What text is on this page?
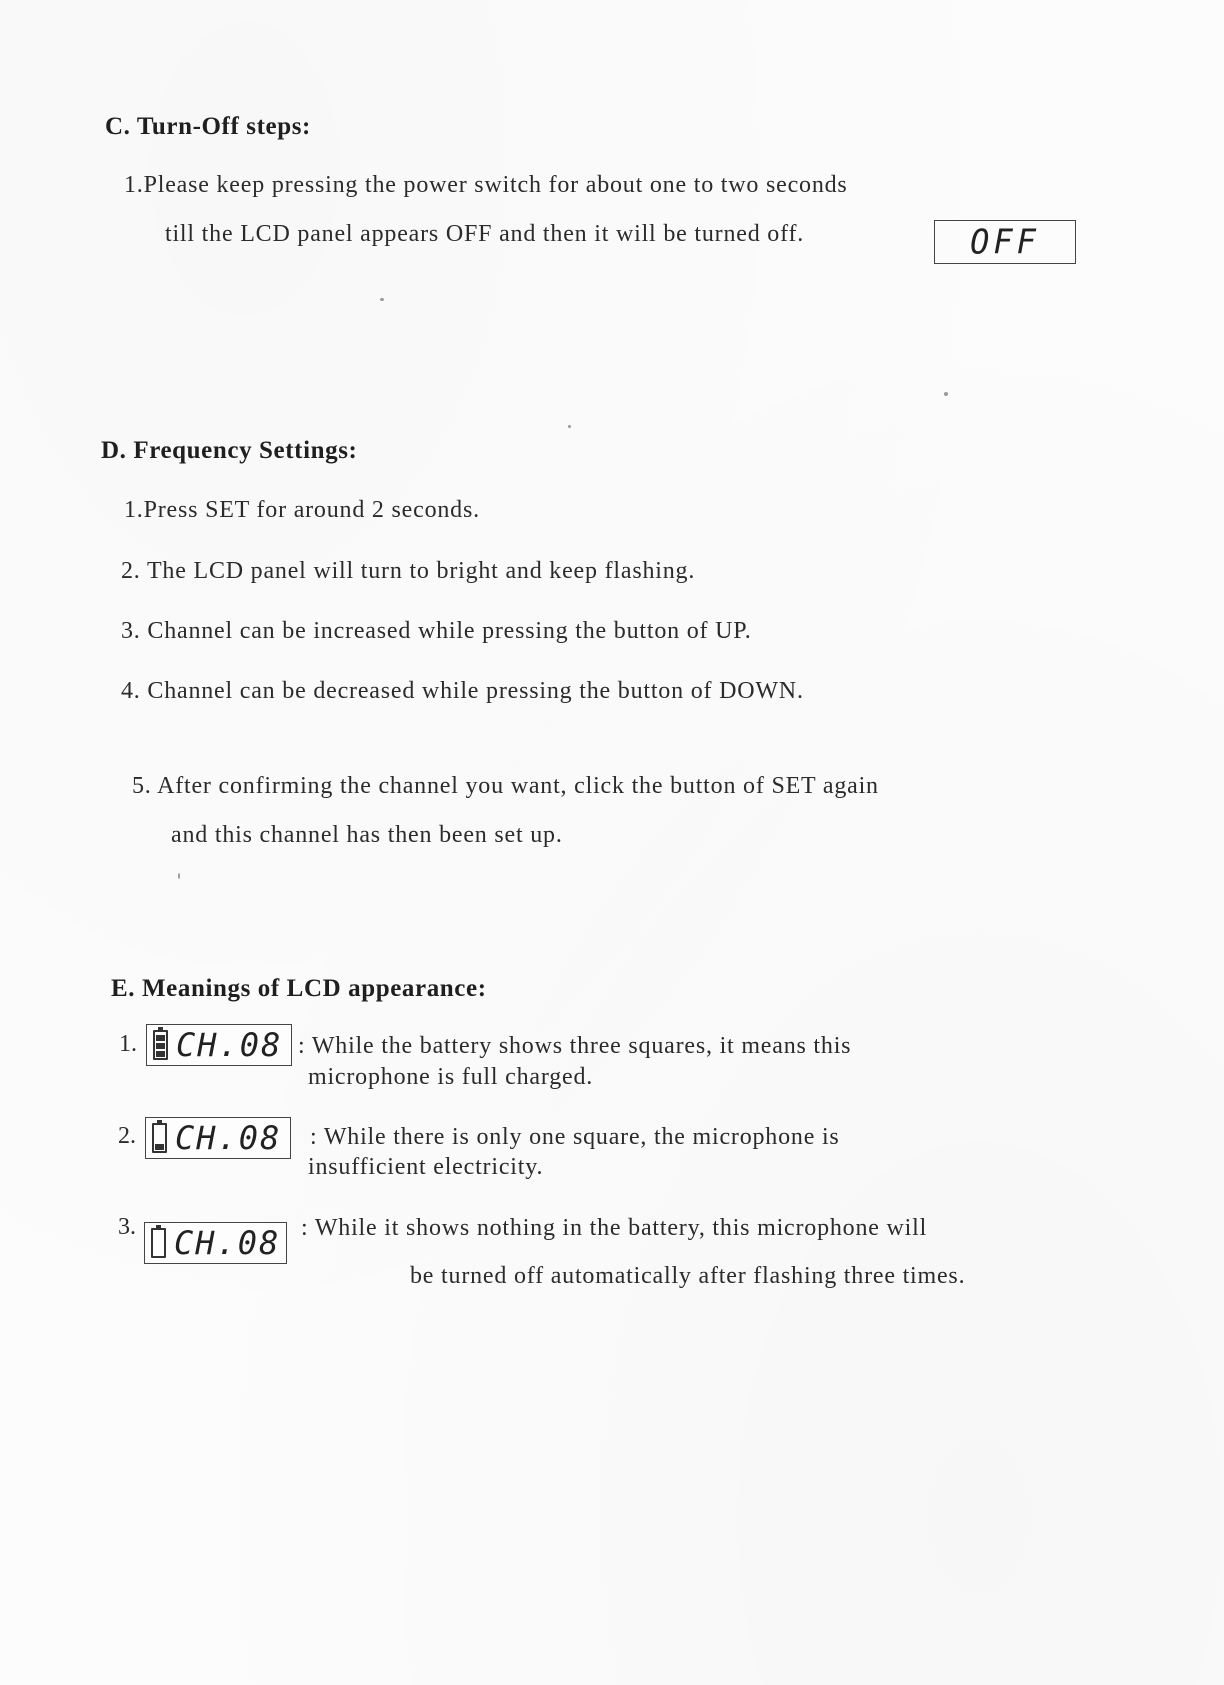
C. Turn-Off steps:
1.Please keep pressing the power switch for about one to two seconds
till the LCD panel appears OFF and then it will be turned off.	OFF
D. Frequency Settings:
1.Press SET for around 2 seconds.
2. The LCD panel will turn to bright and keep flashing.
3. Channel can be increased while pressing the button of UP.
4. Channel can be decreased while pressing the button of DOWN.
5. After confirming the channel you want, click the button of SET again
and this channel has then been set up.
E. Meanings of LCD appearance:
1. CH.08 : While the battery shows three squares, it means this
microphone is full charged.
2. CH.08 : While there is only one square, the microphone is
insufficient electricity.
3. CH.08 : While it shows nothing in the battery, this microphone will
be turned off automatically after flashing three times.
